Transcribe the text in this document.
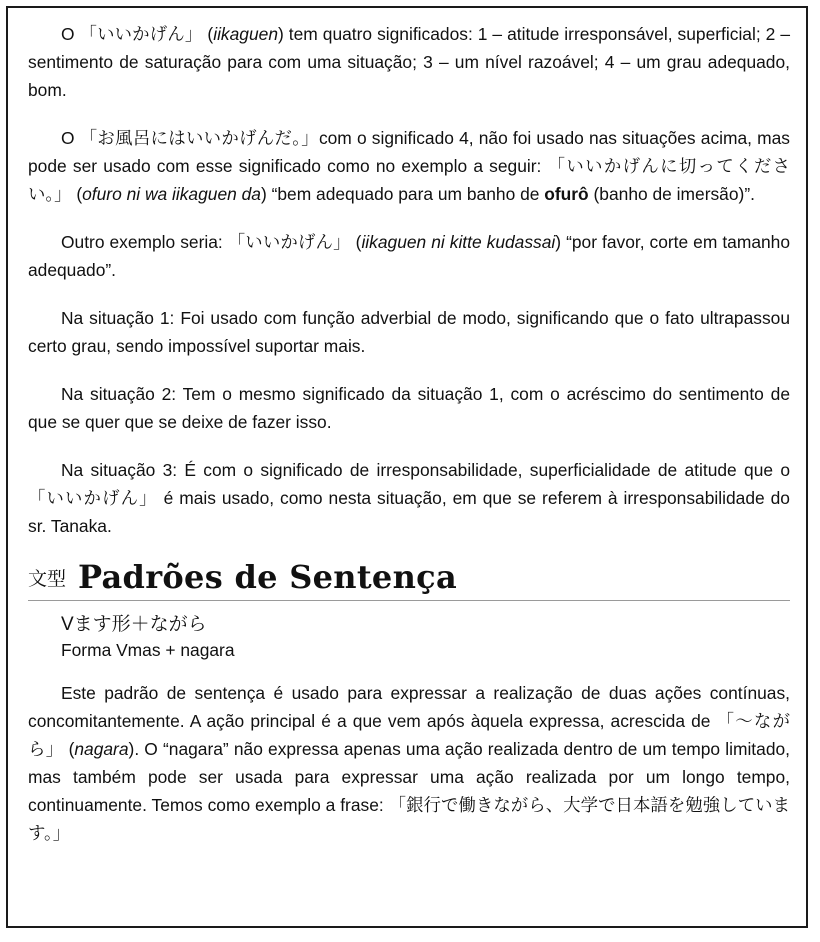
O 「いいかげん」 (iikaguen) tem quatro significados: 1 – atitude irresponsável, superficial; 2 – sentimento de saturação para com uma situação; 3 – um nível razoável; 4 – um grau adequado, bom.

O 「お風呂にはいいかげんだ。」com o significado 4, não foi usado nas situações acima, mas pode ser usado com esse significado como no exemplo a seguir: 「いいかげんに切ってください。」 (ofuro ni wa iikaguen da) “bem adequado para um banho de ofurô (banho de imersão)”.

Outro exemplo seria: 「いいかげん」 (iikaguen ni kitte kudassai) “por favor, corte em tamanho adequado”.

Na situação 1: Foi usado com função adverbial de modo, significando que o fato ultrapassou certo grau, sendo impossível suportar mais.

Na situação 2: Tem o mesmo significado da situação 1, com o acréscimo do sentimento de que se quer que se deixe de fazer isso.

Na situação 3: É com o significado de irresponsabilidade, superficialidade de atitude que o 「いいかげん」 é mais usado, como nesta situação, em que se referem à irresponsabilidade do sr. Tanaka.

文型 Padrões de Sentença
Vます形＋ながら
Forma Vmas + nagara

Este padrão de sentença é usado para expressar a realização de duas ações contínuas, concomitantemente. A ação principal é a que vem após àquela expressa, acrescida de 「～ながら」 (nagara). O “nagara” não expressa apenas uma ação realizada dentro de um tempo limitado, mas também pode ser usada para expressar uma ação realizada por um longo tempo, continuamente. Temos como exemplo a frase: 「銀行で働きながら、大学で日本語を勉強しています。」
